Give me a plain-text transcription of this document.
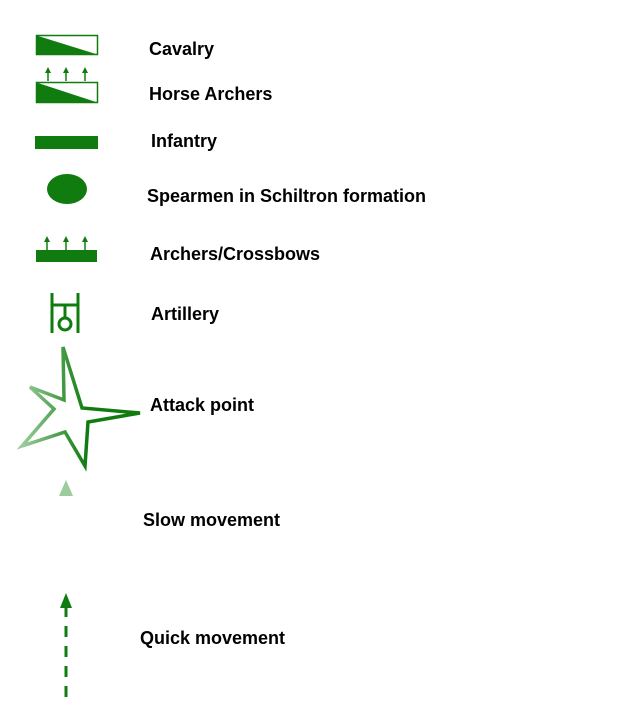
Cavalry
Horse Archers
Infantry
Spearmen in Schiltron formation
Archers/Crossbows
Artillery
Attack point
Slow movement
Quick movement
